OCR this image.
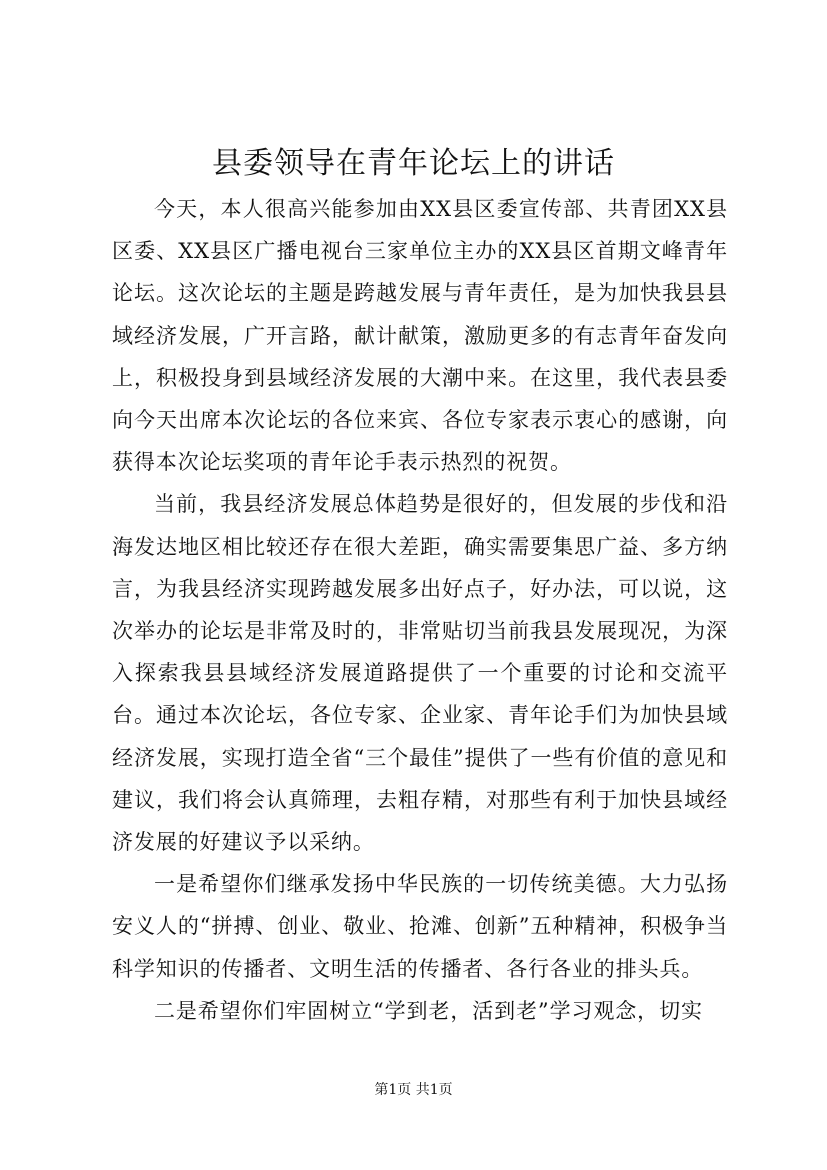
县委领导在青年论坛上的讲话

今天，本人很高兴能参加由XX县区委宣传部、共青团XX县区委、XX县区广播电视台三家单位主办的XX县区首期文峰青年论坛。这次论坛的主题是跨越发展与青年责任，是为加快我县县域经济发展，广开言路，献计献策，激励更多的有志青年奋发向上，积极投身到县域经济发展的大潮中来。在这里，我代表县委向今天出席本次论坛的各位来宾、各位专家表示衷心的感谢，向获得本次论坛奖项的青年论手表示热烈的祝贺。

当前，我县经济发展总体趋势是很好的，但发展的步伐和沿海发达地区相比较还存在很大差距，确实需要集思广益、多方纳言，为我县经济实现跨越发展多出好点子，好办法，可以说，这次举办的论坛是非常及时的，非常贴切当前我县发展现况，为深入探索我县县域经济发展道路提供了一个重要的讨论和交流平台。通过本次论坛，各位专家、企业家、青年论手们为加快县域经济发展，实现打造全省“三个最佳”提供了一些有价值的意见和建议，我们将会认真筛理，去粗存精，对那些有利于加快县域经济发展的好建议予以采纳。

一是希望你们继承发扬中华民族的一切传统美德。大力弘扬安义人的“拼搏、创业、敬业、抢滩、创新”五种精神，积极争当科学知识的传播者、文明生活的传播者、各行各业的排头兵。

二是希望你们牢固树立“学到老，活到老”学习观念，切实

第1页 共1页
